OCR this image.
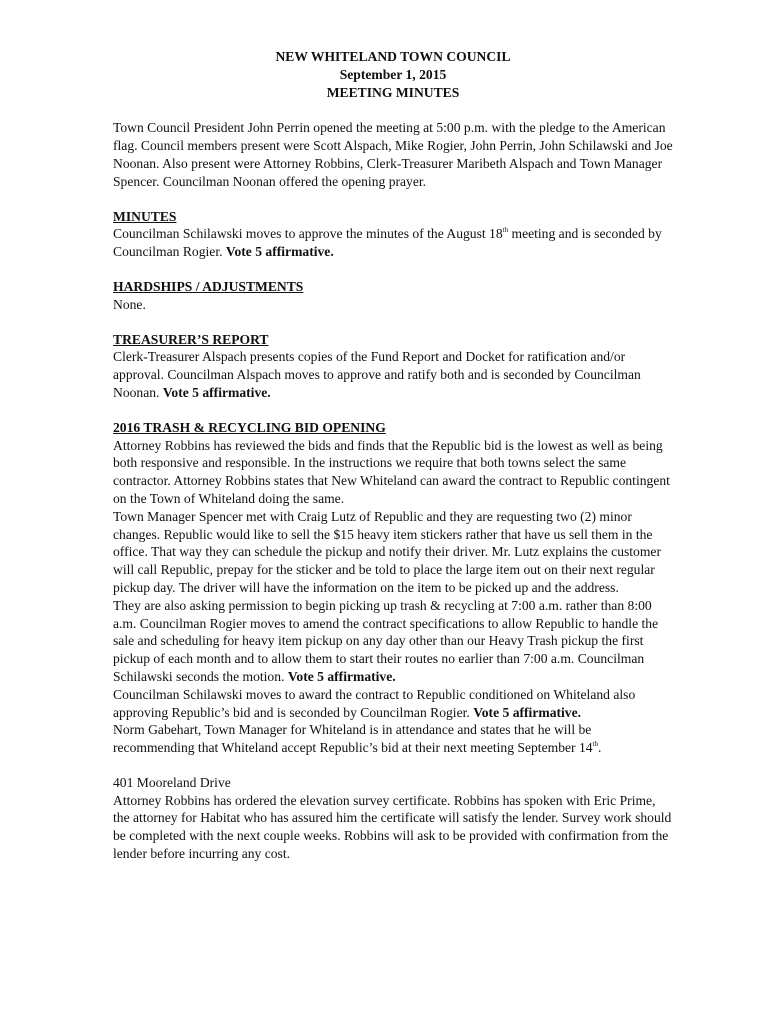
NEW WHITELAND TOWN COUNCIL
September 1, 2015
MEETING MINUTES

Town Council President John Perrin opened the meeting at 5:00 p.m. with the pledge to the American flag. Council members present were Scott Alspach, Mike Rogier, John Perrin, John Schilawski and Joe Noonan. Also present were Attorney Robbins, Clerk-Treasurer Maribeth Alspach and Town Manager Spencer. Councilman Noonan offered the opening prayer.

MINUTES

Councilman Schilawski moves to approve the minutes of the August 18th meeting and is seconded by Councilman Rogier. Vote 5 affirmative.

HARDSHIPS / ADJUSTMENTS

None.

TREASURER’S REPORT

Clerk-Treasurer Alspach presents copies of the Fund Report and Docket for ratification and/or approval. Councilman Alspach moves to approve and ratify both and is seconded by Councilman Noonan. Vote 5 affirmative.

2016 TRASH & RECYCLING BID OPENING

Attorney Robbins has reviewed the bids and finds that the Republic bid is the lowest as well as being both responsive and responsible. In the instructions we require that both towns select the same contractor. Attorney Robbins states that New Whiteland can award the contract to Republic contingent on the Town of Whiteland doing the same.

Town Manager Spencer met with Craig Lutz of Republic and they are requesting two (2) minor changes. Republic would like to sell the $15 heavy item stickers rather that have us sell them in the office. That way they can schedule the pickup and notify their driver. Mr. Lutz explains the customer will call Republic, prepay for the sticker and be told to place the large item out on their next regular pickup day. The driver will have the information on the item to be picked up and the address.

They are also asking permission to begin picking up trash & recycling at 7:00 a.m. rather than 8:00 a.m. Councilman Rogier moves to amend the contract specifications to allow Republic to handle the sale and scheduling for heavy item pickup on any day other than our Heavy Trash pickup the first pickup of each month and to allow them to start their routes no earlier than 7:00 a.m. Councilman Schilawski seconds the motion. Vote 5 affirmative.

Councilman Schilawski moves to award the contract to Republic conditioned on Whiteland also approving Republic’s bid and is seconded by Councilman Rogier. Vote 5 affirmative.

Norm Gabehart, Town Manager for Whiteland is in attendance and states that he will be recommending that Whiteland accept Republic’s bid at their next meeting September 14th.

401 Mooreland Drive

Attorney Robbins has ordered the elevation survey certificate. Robbins has spoken with Eric Prime, the attorney for Habitat who has assured him the certificate will satisfy the lender. Survey work should be completed with the next couple weeks. Robbins will ask to be provided with confirmation from the lender before incurring any cost.
